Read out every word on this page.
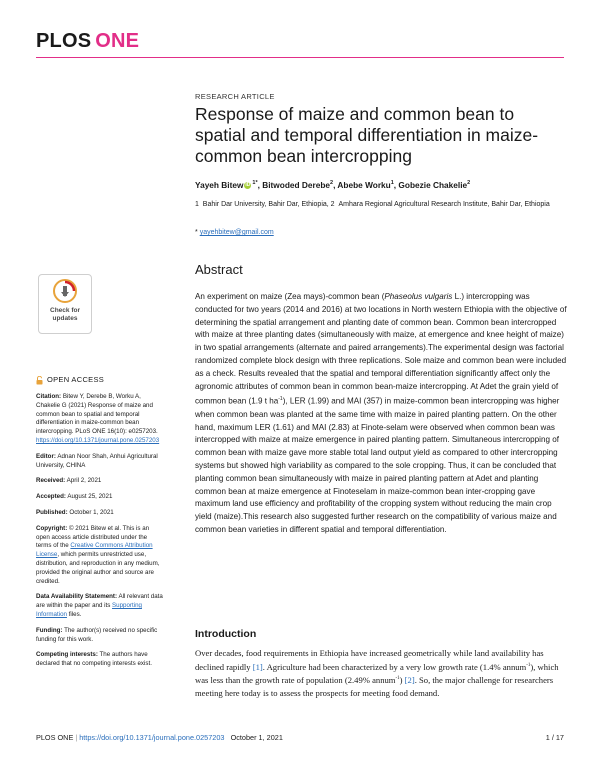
PLOS ONE
RESEARCH ARTICLE
Response of maize and common bean to spatial and temporal differentiation in maize-common bean intercropping
Yayeh Bitew iD $^{1*}$, Bitwoded Derebe$^2$, Abebe Worku$^1$, Gobezie Chakelie$^2$
1 Bahir Dar University, Bahir Dar, Ethiopia, 2 Amhara Regional Agricultural Research Institute, Bahir Dar, Ethiopia
* yayehbitew@gmail.com
Check for
updates
OPEN ACCESS
Citation: Bitew Y, Derebe B, Worku A, Chakelie G (2021) Response of maize and common bean to spatial and temporal differentiation in maize-common bean intercropping. PLoS ONE 16(10): e0257203. https://doi.org/10.1371/journal.pone.0257203
Editor: Adnan Noor Shah, Anhui Agricultural University, CHINA
Received: April 2, 2021
Accepted: August 25, 2021
Published: October 1, 2021
Copyright: © 2021 Bitew et al. This is an open access article distributed under the terms of the Creative Commons Attribution License, which permits unrestricted use, distribution, and reproduction in any medium, provided the original author and source are credited.
Data Availability Statement: All relevant data are within the paper and its Supporting Information files.
Funding: The author(s) received no specific funding for this work.
Competing interests: The authors have declared that no competing interests exist.
Abstract

An experiment on maize (Zea mays)-common bean (Phaseolus vulgaris L.) intercropping was conducted for two years (2014 and 2016) at two locations in North western Ethiopia with the objective of determining the spatial arrangement and planting date of common bean. Common bean intercropped with maize at three planting dates (simultaneously with maize, at emergence and knee height of maize) in two spatial arrangements (alternate and paired arrangements).The experimental design was factorial randomized complete block design with three replications. Sole maize and common bean were included as a check. Results revealed that the spatial and temporal differentiation significantly affect only the agronomic attributes of common bean in common bean-maize intercropping. At Adet the grain yield of common bean (1.9 t $ha^{-1}$), LER (1.99) and MAI (357) in maize-common bean intercropping was higher when common bean was planted at the same time with maize in paired planting pattern. On the other hand, maximum LER (1.61) and MAI (2.83) at Finote-selam were observed when common bean was intercropped with maize at maize emergence in paired planting pattern. Simultaneous intercropping of common bean with maize gave more stable total land output yield as compared to other intercropping systems but showed high variability as compared to the sole cropping. Thus, it can be concluded that planting common bean simultaneously with maize in paired planting pattern at Adet and planting common bean at maize emergence at Finoteselam in maize-common bean inter-cropping gave maximum land use efficiency and profitability of the cropping system without reducing the main crop yield (maize).This research also suggested further research on the compatibility of various maize and common bean varieties in different spatial and temporal differentiation.

Introduction

Over decades, food requirements in Ethiopia have increased geometrically while land availability has declined rapidly [1]. Agriculture had been characterized by a very low growth rate (1.4% annum$^{-1}$), which was less than the growth rate of population (2.49% annum$^{-1}$) [2]. So, the major challenge for researchers meeting here today is to assess the prospects for meeting food demand.

PLOS ONE | https://doi.org/10.1371/journal.pone.0257203 October 1, 2021	1 / 17
